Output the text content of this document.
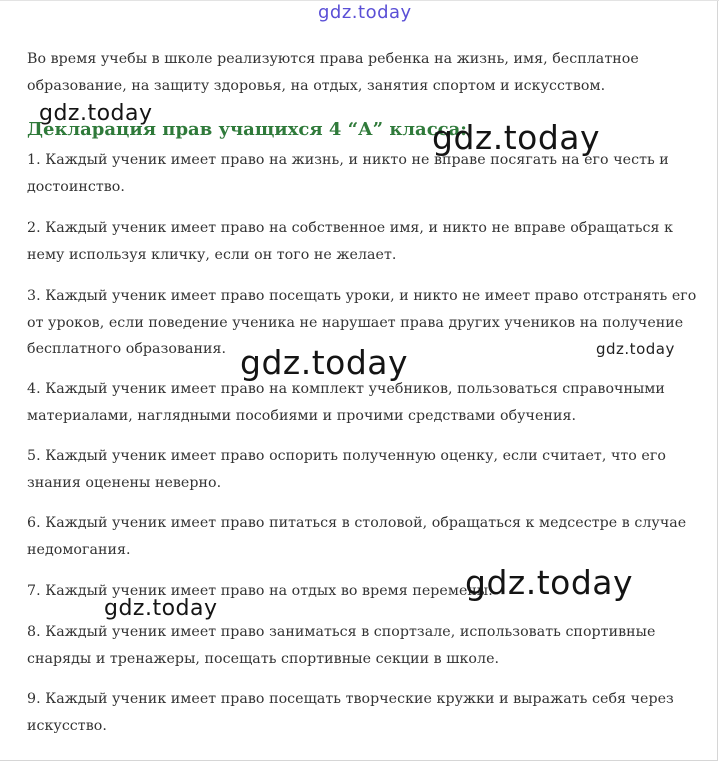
Во время учебы в школе реализуются права ребенка на жизнь, имя, бесплатное образование, на защиту здоровья, на отдых, занятия спортом и искусством.

Декларация прав учащихся 4 “А” класса:

1. Каждый ученик имеет право на жизнь, и никто не вправе посягать на его честь и достоинство.

2. Каждый ученик имеет право на собственное имя, и никто не вправе обращаться к нему используя кличку, если он того не желает.

3. Каждый ученик имеет право посещать уроки, и никто не имеет право отстранять его от уроков, если поведение ученика не нарушает права других учеников на получение бесплатного образования.

4. Каждый ученик имеет право на комплект учебников, пользоваться справочными материалами, наглядными пособиями и прочими средствами обучения.

5. Каждый ученик имеет право оспорить полученную оценку, если считает, что его знания оценены неверно.

6. Каждый ученик имеет право питаться в столовой, обращаться к медсестре в случае недомогания.

7. Каждый ученик имеет право на отдых во время перемены.

8. Каждый ученик имеет право заниматься в спортзале, использовать спортивные снаряды и тренажеры, посещать спортивные секции в школе.

9. Каждый ученик имеет право посещать творческие кружки и выражать себя через искусство.

gdz.today
gdz.today
gdz.today
gdz.today	gdz.today
gdz.today
gdz.today
